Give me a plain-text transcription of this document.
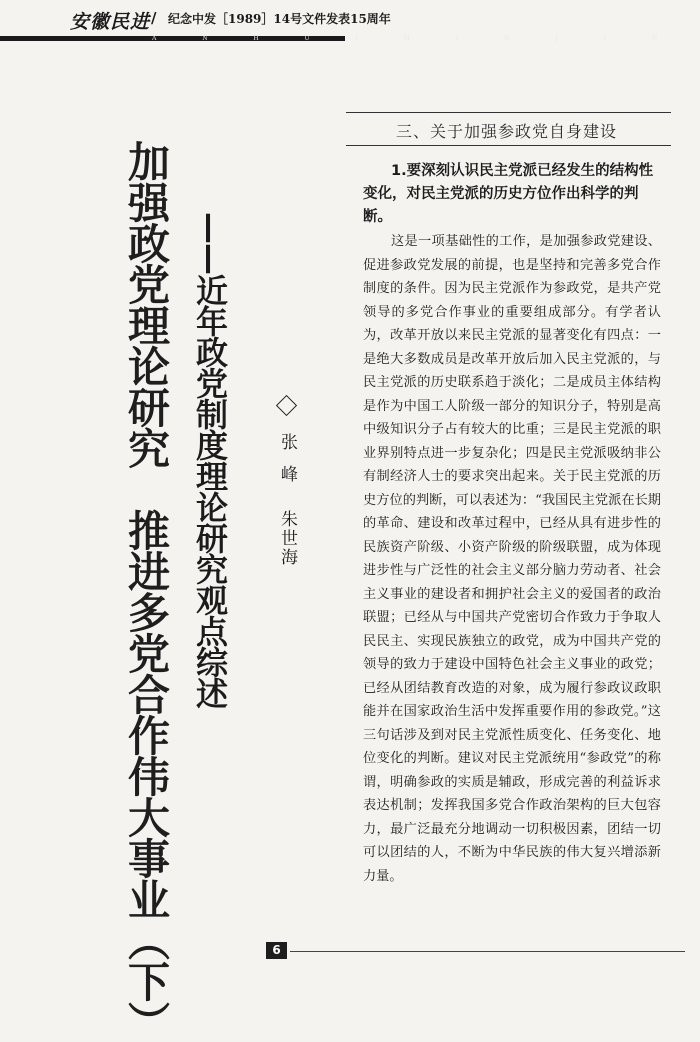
安徽民进 / 纪念中发［1989］14号文件发表15周年
A N H U I M I N J I N
加强政党理论研究　推进多党合作伟大事业（下） ——近年政党制度理论研究观点综述	张峰
朱世海
三、关于加强参政党自身建设
1.要深刻认识民主党派已经发生的结构性变化，对民主党派的历史方位作出科学的判断。
这是一项基础性的工作，是加强参政党建设、促进参政党发展的前提，也是坚持和完善多党合作制度的条件。因为民主党派作为参政党，是共产党领导的多党合作事业的重要组成部分。有学者认为，改革开放以来民主党派的显著变化有四点：一是绝大多数成员是改革开放后加入民主党派的，与民主党派的历史联系趋于淡化；二是成员主体结构是作为中国工人阶级一部分的知识分子，特别是高中级知识分子占有较大的比重；三是民主党派的职业界别特点进一步复杂化；四是民主党派吸纳非公有制经济人士的要求突出起来。关于民主党派的历史方位的判断，可以表述为：“我国民主党派在长期的革命、建设和改革过程中，已经从具有进步性的民族资产阶级、小资产阶级的阶级联盟，成为体现进步性与广泛性的社会主义部分脑力劳动者、社会主义事业的建设者和拥护社会主义的爱国者的政治联盟；已经从与中国共产党密切合作致力于争取人民民主、实现民族独立的政党，成为中国共产党的领导的致力于建设中国特色社会主义事业的政党；已经从团结教育改造的对象，成为履行参政议政职能并在国家政治生活中发挥重要作用的参政党。”这三句话涉及到对民主党派性质变化、任务变化、地位变化的判断。建议对民主党派统用“参政党”的称谓，明确参政的实质是辅政，形成完善的利益诉求表达机制；发挥我国多党合作政治架构的巨大包容力，最广泛最充分地调动一切积极因素，团结一切可以团结的人，不断为中华民族的伟大复兴增添新力量。
6
